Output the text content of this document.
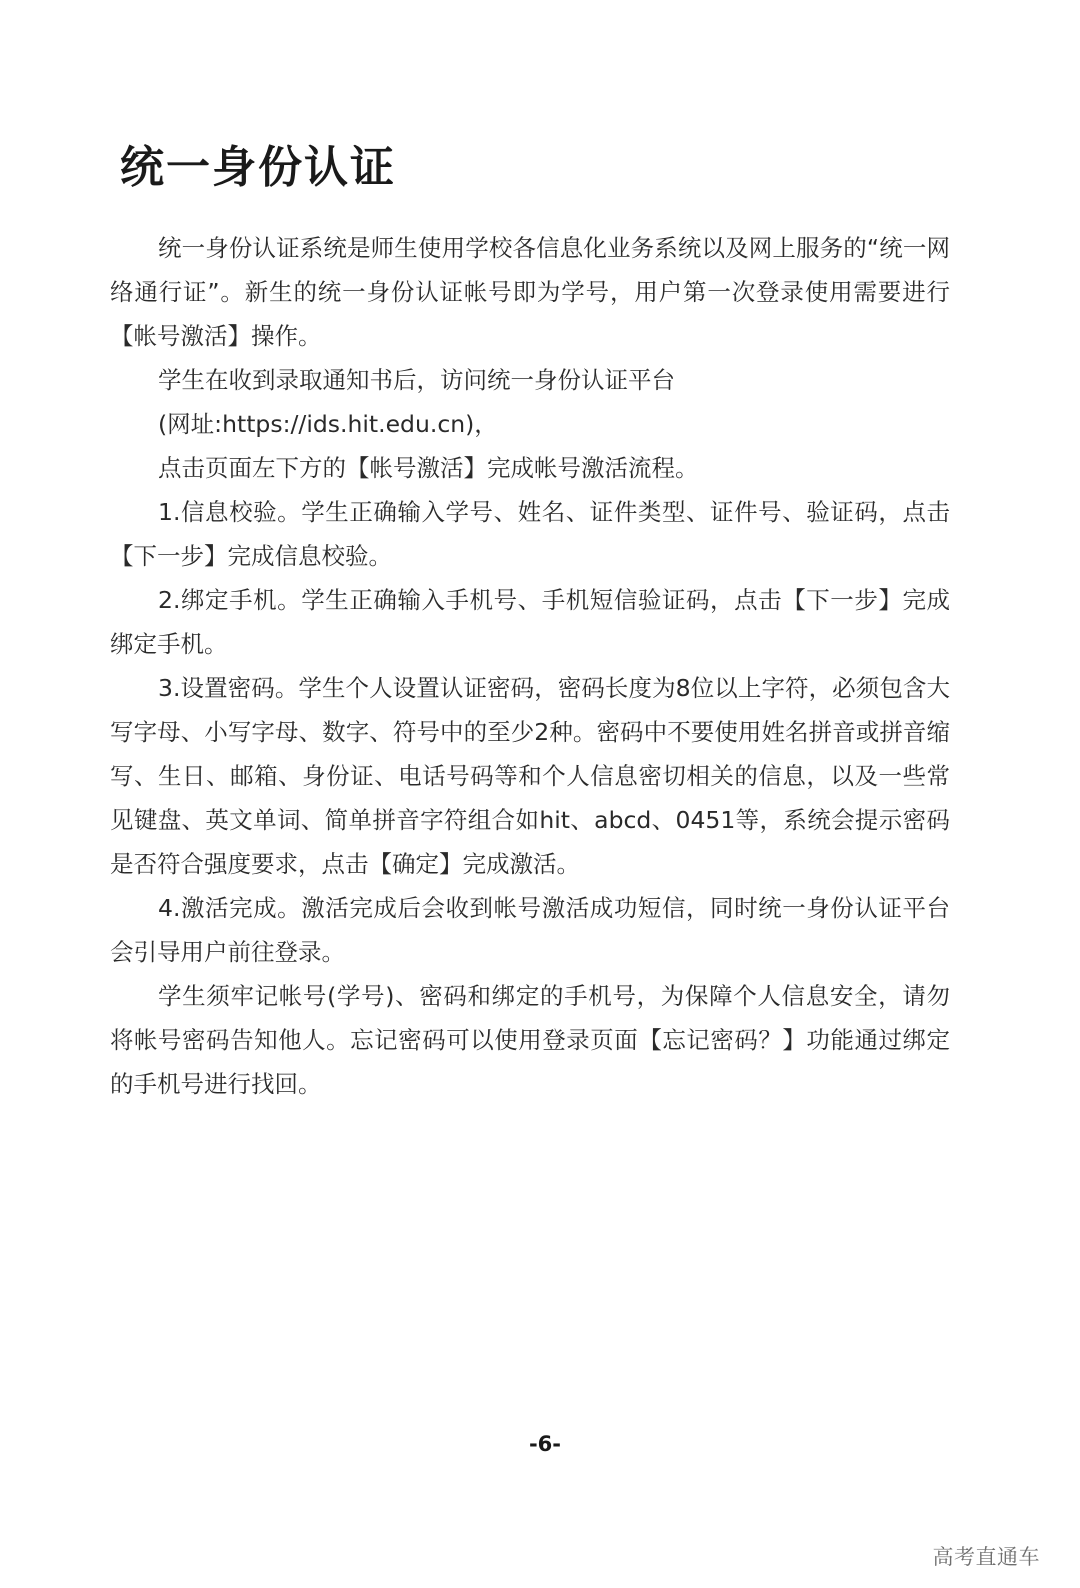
统一身份认证

统一身份认证系统是师生使用学校各信息化业务系统以及网上服务的“统一网络通行证”。新生的统一身份认证帐号即为学号，用户第一次登录使用需要进行【帐号激活】操作。

学生在收到录取通知书后，访问统一身份认证平台

(网址:https://ids.hit.edu.cn)，

点击页面左下方的【帐号激活】完成帐号激活流程。

1.信息校验。学生正确输入学号、姓名、证件类型、证件号、验证码，点击【下一步】完成信息校验。

2.绑定手机。学生正确输入手机号、手机短信验证码，点击【下一步】完成绑定手机。

3.设置密码。学生个人设置认证密码，密码长度为8位以上字符，必须包含大写字母、小写字母、数字、符号中的至少2种。密码中不要使用姓名拼音或拼音缩写、生日、邮箱、身份证、电话号码等和个人信息密切相关的信息，以及一些常见键盘、英文单词、简单拼音字符组合如hit、abcd、0451等，系统会提示密码是否符合强度要求，点击【确定】完成激活。

4.激活完成。激活完成后会收到帐号激活成功短信，同时统一身份认证平台会引导用户前往登录。

学生须牢记帐号(学号)、密码和绑定的手机号，为保障个人信息安全，请勿将帐号密码告知他人。忘记密码可以使用登录页面【忘记密码？】功能通过绑定的手机号进行找回。

-6-
高考直通车
